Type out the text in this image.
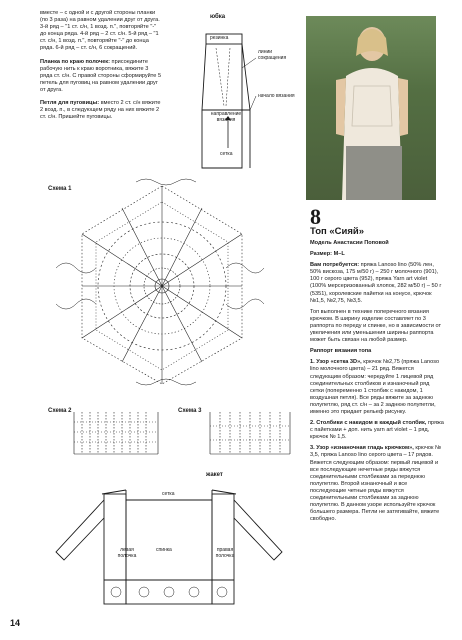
вместе – с одной и с другой стороны планки (по 3 раза) на равном удалении друг от друга. 3-й ряд – "1 ст. с/н, 1 возд. п.", повторяйте "-" до конца ряда. 4-й ряд – 2 ст. с/н. 5-й ряд – "1 ст. с/н, 1 возд. п.", повторяйте "-" до конца ряда. 6-й ряд – ст. с/н, 6 сокращений.

Планка по краю полочек: присоедините рабочую нить к краю воротника, вяжите 3 ряда ст. с/н. С правой стороны сформируйте 5 петель для пуговиц на равном удалении друг от друга.

Петля для пуговицы: вместо 2 ст. с/н вяжите 2 возд. п., в следующем ряду на них вяжите 2 ст. с/н. Пришейте пуговицы.

юбка
резинка
линии сокращения
начало вязания
направление вязания
сетка
Схема 1
Схема 2	Схема 3
жакет
сетка
левая полочка
спинка	правая полочка
8
Топ «Сияй»

Модель Анастасии Поповой

Размер: M–L

Вам потребуется: пряжа Lanoso lino (50% лен, 50% вискоза, 175 м/50 г) – 250 г молочного (901), 100 г серого цвета (952), пряжа Yarn art violet (100% мерсеризованный хлопок, 282 м/50 г) – 50 г (5351), королевские пайетки на конусе, крючок №1,5, №2,75, №3,5.

Топ выполнен в технике поперечного вязания крючком. В ширину изделие составляет по 3 раппорта по переду и спинке, но в зависимости от увеличения или уменьшения ширины раппорта может быть связан на любой размер.

Раппорт вязания топа

1. Узор «сетка 3D», крючок №2,75 (пряжа Lanoso lino молочного цвета) – 21 ряд. Вяжется следующим образом: чередуйте 1 лицевой ряд соединительных столбиков и изнаночный ряд сетки (попеременно 1 столбик с накидом, 1 воздушная петля). Все ряды вяжите за заднюю полупетлю, ряд ст. с/н – за 2 заднюю полупетли, именно это придает рельеф рисунку.

2. Столбики с накидом в каждый столбик, пряжа с пайетками + доп. нить yarn art violet – 1 ряд, крючок № 1,5.

3. Узор «изнаночная гладь крючком», крючок № 3,5, пряжа Lanoso lino серого цвета – 17 рядов. Вяжется следующим образом: первый лицевой и все последующие нечетные ряды вяжутся соединительными столбиками за переднюю полупетлю. Второй изнаночный и все последующие четные ряды вяжутся соединительными столбиками за заднюю полупетлю. В данном узоре используйте крючок большего размера. Петли не затягивайте, вяжите свободно.

14
